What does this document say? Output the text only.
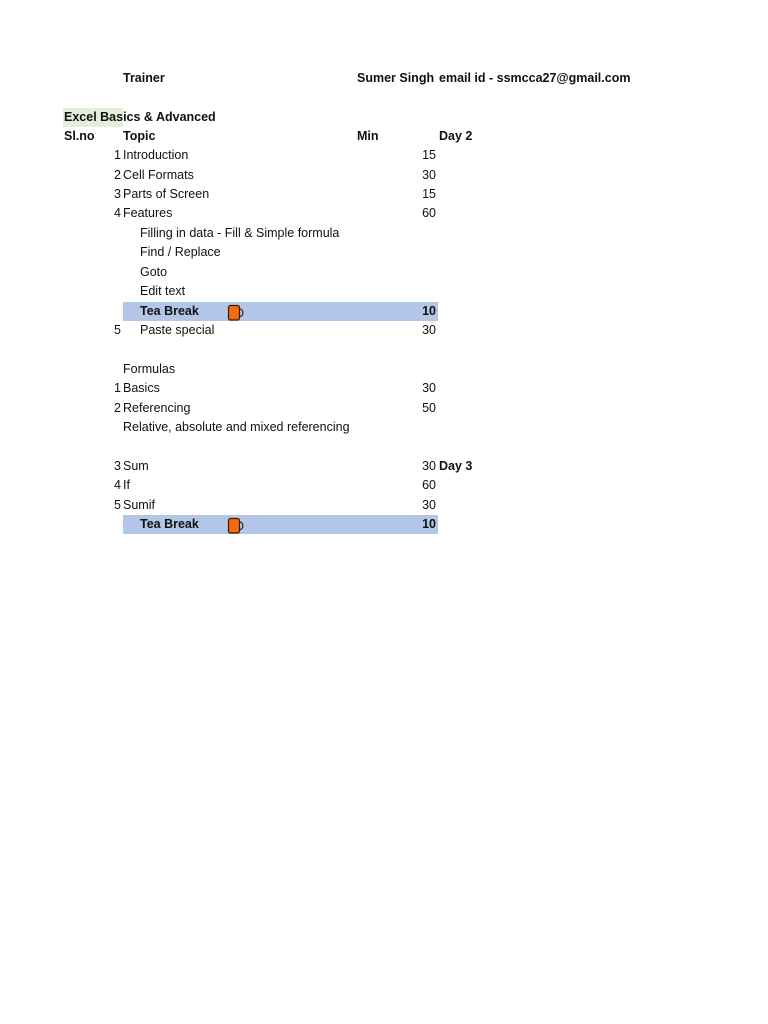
Trainer	Sumer Singh email id - ssmcca27@gmail.com
Excel Basics & Advanced
Sl.no Topic	Min	Day 2
1 Introduction	15
2 Cell Formats	30
3 Parts of Screen	15
4 Features	60
Filling in data - Fill & Simple formula
Find / Replace
Goto
Edit text
Tea Break	10
5 Paste special	30
Formulas
1 Basics	30
2 Referencing	50
Relative, absolute and mixed referencing
3 Sum	30 Day 3
4 If	60
5 Sumif	30
Tea Break	10
